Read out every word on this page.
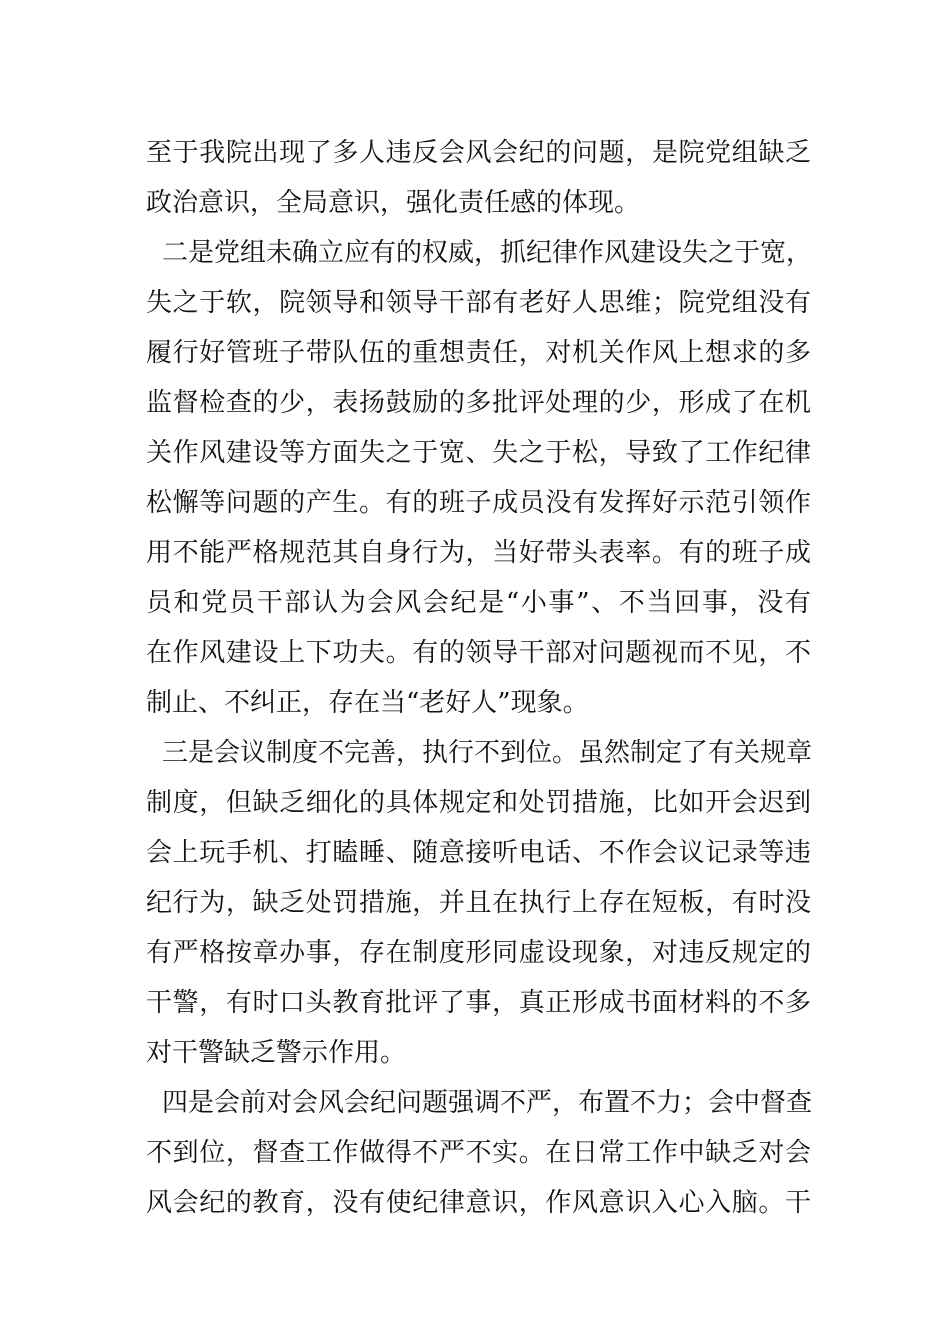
至于我院出现了多人违反会风会纪的问题，是院党组缺乏
政治意识，全局意识，强化责任感的体现。
二是党组未确立应有的权威，抓纪律作风建设失之于宽，
失之于软，院领导和领导干部有老好人思维；院党组没有
履行好管班子带队伍的重想责任，对机关作风上想求的多
监督检查的少，表扬鼓励的多批评处理的少，形成了在机
关作风建设等方面失之于宽、失之于松，导致了工作纪律
松懈等问题的产生。有的班子成员没有发挥好示范引领作
用不能严格规范其自身行为，当好带头表率。有的班子成
员和党员干部认为会风会纪是“小事”、不当回事，没有
在作风建设上下功夫。有的领导干部对问题视而不见，不
制止、不纠正，存在当“老好人”现象。
三是会议制度不完善，执行不到位。虽然制定了有关规章
制度，但缺乏细化的具体规定和处罚措施，比如开会迟到
会上玩手机、打瞌睡、随意接听电话、不作会议记录等违
纪行为，缺乏处罚措施，并且在执行上存在短板，有时没
有严格按章办事，存在制度形同虚设现象，对违反规定的
干警，有时口头教育批评了事，真正形成书面材料的不多
对干警缺乏警示作用。
四是会前对会风会纪问题强调不严，布置不力；会中督查
不到位，督查工作做得不严不实。在日常工作中缺乏对会
风会纪的教育，没有使纪律意识，作风意识入心入脑。干
